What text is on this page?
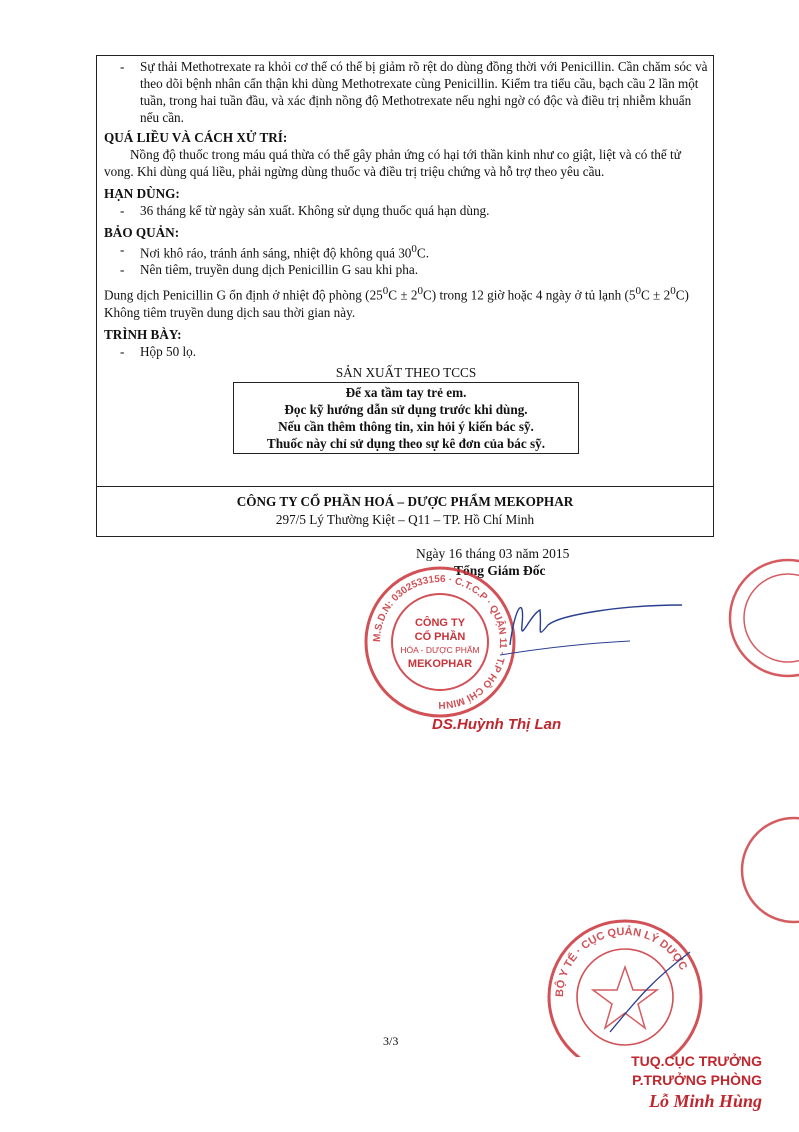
- Sự thải Methotrexate ra khỏi cơ thể có thể bị giảm rõ rệt do dùng đồng thời với Penicillin. Cần chăm sóc và theo dõi bệnh nhân cẩn thận khi dùng Methotrexate cùng Penicillin. Kiểm tra tiểu cầu, bạch cầu 2 lần một tuần, trong hai tuần đầu, và xác định nồng độ Methotrexate nếu nghi ngờ có độc và điều trị nhiễm khuẩn nếu cần.
QUÁ LIỀU VÀ CÁCH XỬ TRÍ:
Nồng độ thuốc trong máu quá thừa có thể gây phản ứng có hại tới thần kinh như co giật, liệt và có thể tử vong. Khi dùng quá liều, phải ngừng dùng thuốc và điều trị triệu chứng và hỗ trợ theo yêu cầu.
HẠN DÙNG:
- 36 tháng kể từ ngày sản xuất. Không sử dụng thuốc quá hạn dùng.
BẢO QUẢN:
- Nơi khô ráo, tránh ánh sáng, nhiệt độ không quá $30^0C$.
- Nên tiêm, truyền dung dịch Penicillin G sau khi pha.
Dung dịch Penicillin G ổn định ở nhiệt độ phòng $(25^0C \pm 2^0C)$ trong 12 giờ hoặc 4 ngày ở tủ lạnh $(5^0C \pm 2^0C)$ Không tiêm truyền dung dịch sau thời gian này.
TRÌNH BÀY:
- Hộp 50 lọ.
SẢN XUẤT THEO TCCS
Để xa tầm tay trẻ em.
Đọc kỹ hướng dẫn sử dụng trước khi dùng.
Nếu cần thêm thông tin, xin hỏi ý kiến bác sỹ.
Thuốc này chỉ sử dụng theo sự kê đơn của bác sỹ.
CÔNG TY CỔ PHẦN HOÁ – DƯỢC PHẨM MEKOPHAR
297/5 Lý Thường Kiệt – Q11 – TP. Hồ Chí Minh
Ngày 16 tháng 03 năm 2015
Tổng Giám Đốc
M.S.D.N: 0302533156 · C.T.C.P · QUẬN 11 · T.P HỒ CHÍ MINH
CÔNG TY
CỔ PHẦN
HÓA - DƯỢC PHẨM
MEKOPHAR
DS.Huỳnh Thị Lan
BỘ Y TẾ · CỤC QUẢN LÝ DƯỢC
3/3
TUQ.CỤC TRƯỞNG
P.TRƯỞNG PHÒNG
Lỗ Minh Hùng
